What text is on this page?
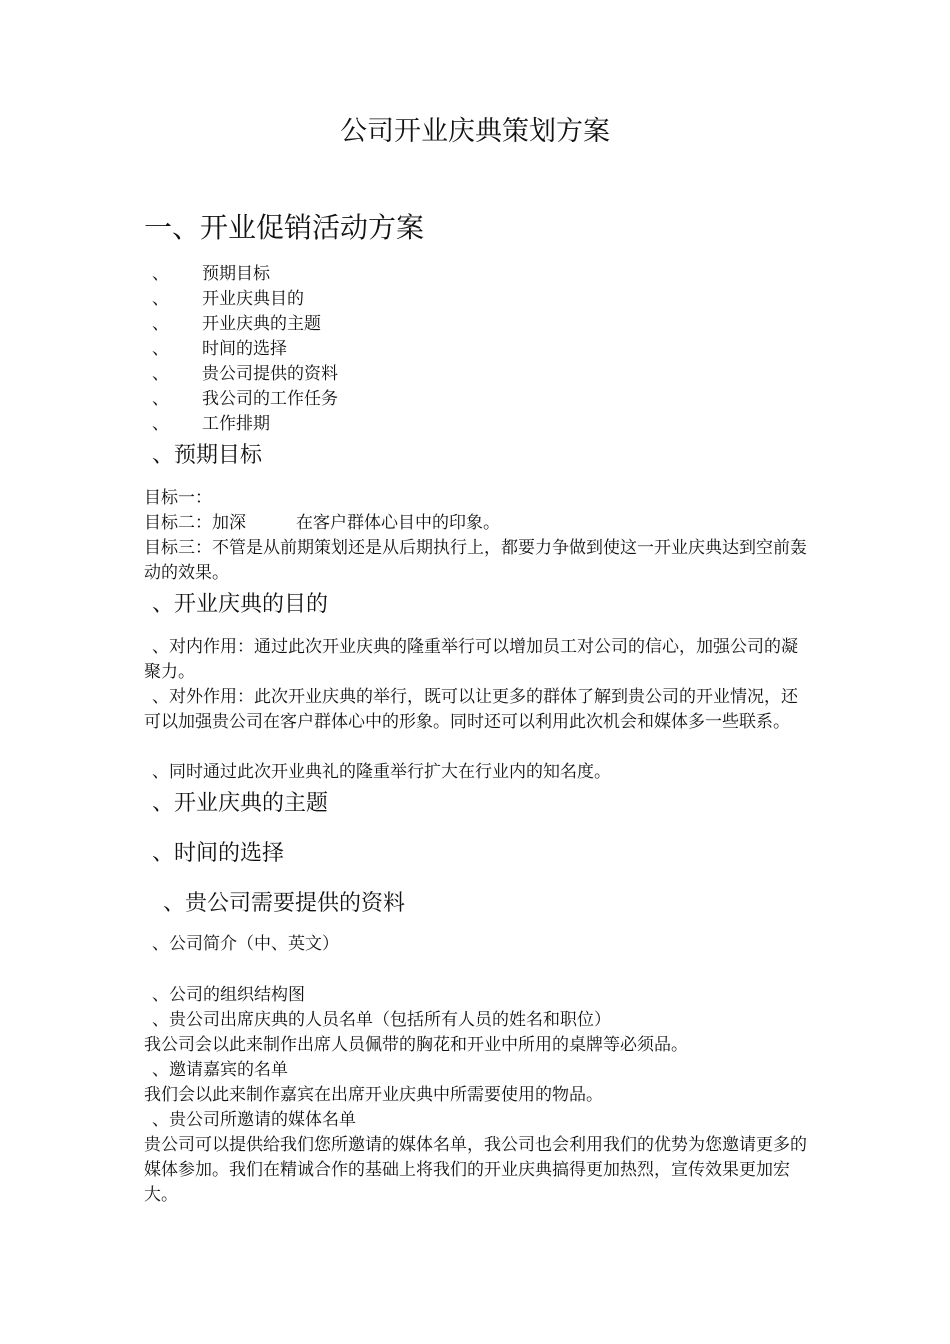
公司开业庆典策划方案
一、开业促销活动方案
、 预期目标
、 开业庆典目的
、 开业庆典的主题
、 时间的选择
、 贵公司提供的资料
、 我公司的工作任务
、 工作排期
、预期目标
目标一：
目标二：加深	在客户群体心目中的印象。
目标三：不管是从前期策划还是从后期执行上，都要力争做到使这一开业庆典达到空前轰动的效果。
、开业庆典的目的
、对内作用：通过此次开业庆典的隆重举行可以增加员工对公司的信心，加强公司的凝聚力。
、对外作用：此次开业庆典的举行，既可以让更多的群体了解到贵公司的开业情况，还可以加强贵公司在客户群体心中的形象。同时还可以利用此次机会和媒体多一些联系。
、同时通过此次开业典礼的隆重举行扩大在行业内的知名度。
、开业庆典的主题
、时间的选择
、贵公司需要提供的资料
、公司简介（中、英文）
、公司的组织结构图
、贵公司出席庆典的人员名单（包括所有人员的姓名和职位）
我公司会以此来制作出席人员佩带的胸花和开业中所用的桌牌等必须品。
、邀请嘉宾的名单
我们会以此来制作嘉宾在出席开业庆典中所需要使用的物品。
、贵公司所邀请的媒体名单
贵公司可以提供给我们您所邀请的媒体名单，我公司也会利用我们的优势为您邀请更多的媒体参加。我们在精诚合作的基础上将我们的开业庆典搞得更加热烈，宣传效果更加宏大。
